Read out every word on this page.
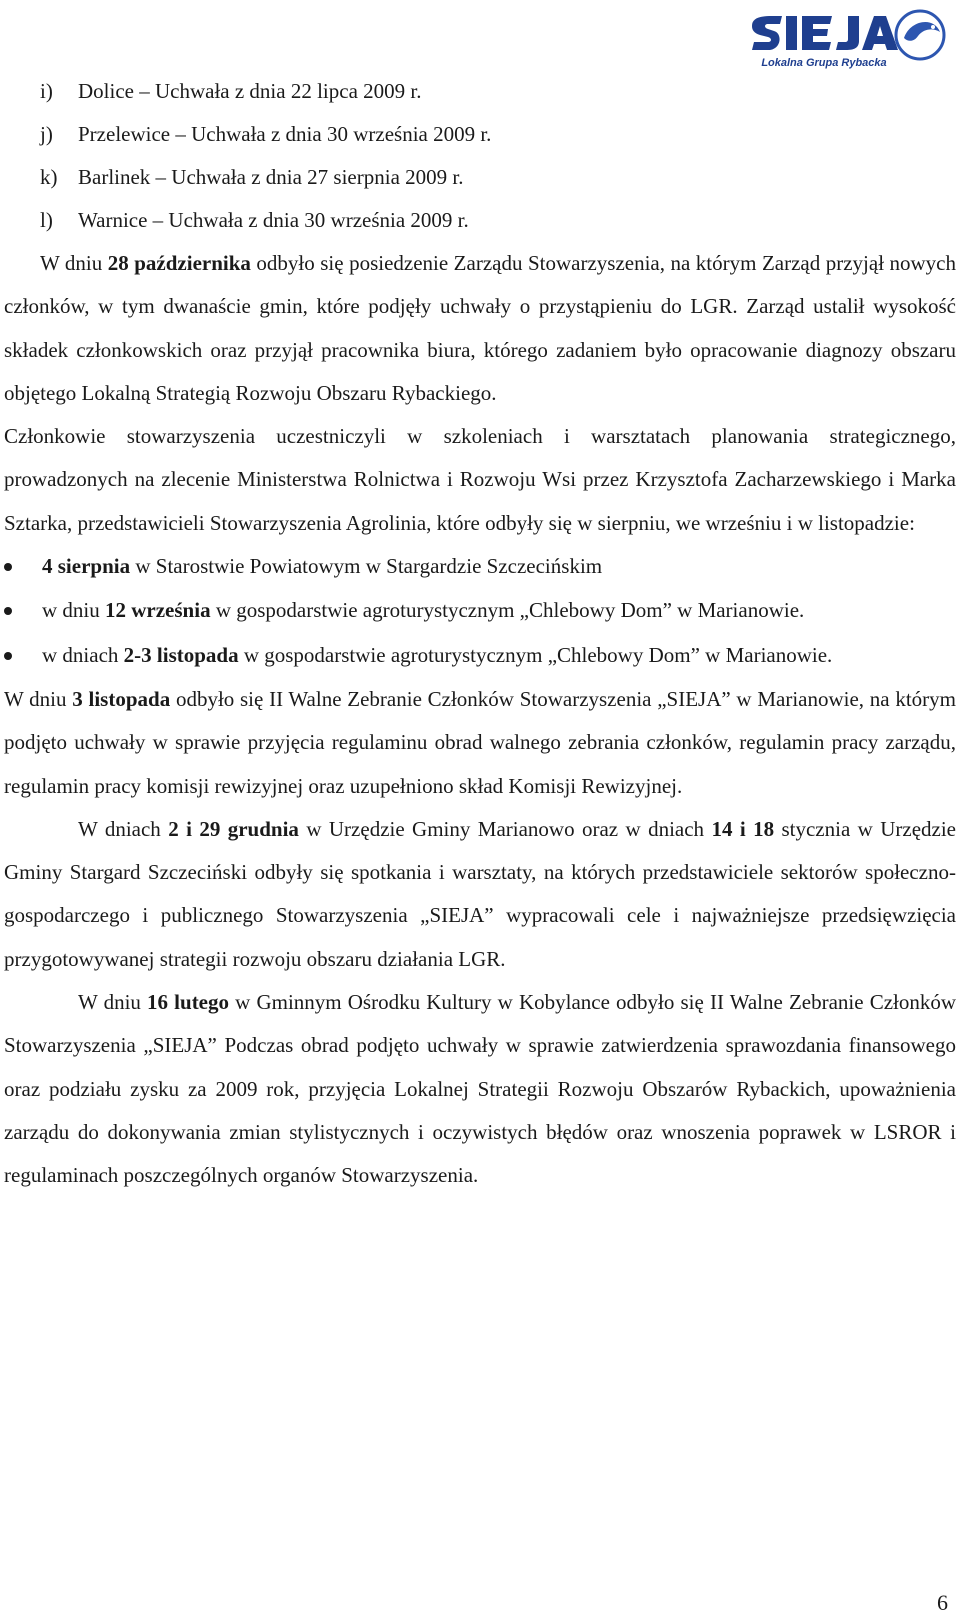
Lokalna Grupa Rybacka
i) Dolice – Uchwała z dnia 22 lipca 2009 r.
j) Przelewice – Uchwała z dnia 30 września 2009 r.
k) Barlinek – Uchwała z dnia 27 sierpnia 2009 r.
l) Warnice – Uchwała z dnia 30 września 2009 r.

W dniu 28 października odbyło się posiedzenie Zarządu Stowarzyszenia, na którym Zarząd przyjął nowych członków, w tym dwanaście gmin, które podjęły uchwały o przystąpieniu do LGR. Zarząd ustalił wysokość składek członkowskich oraz przyjął pracownika biura, którego zadaniem było opracowanie diagnozy obszaru objętego Lokalną Strategią Rozwoju Obszaru Rybackiego.

Członkowie stowarzyszenia uczestniczyli w szkoleniach i warsztatach planowania strategicznego, prowadzonych na zlecenie Ministerstwa Rolnictwa i Rozwoju Wsi przez Krzysztofa Zacharzewskiego i Marka Sztarka, przedstawicieli Stowarzyszenia Agrolinia, które odbyły się w sierpniu, we wrześniu i w listopadzie:

4 sierpnia w Starostwie Powiatowym w Stargardzie Szczecińskim
w dniu 12 września w gospodarstwie agroturystycznym „Chlebowy Dom” w Marianowie.
w dniach 2-3 listopada w gospodarstwie agroturystycznym „Chlebowy Dom” w Marianowie.

W dniu 3 listopada odbyło się II Walne Zebranie Członków Stowarzyszenia „SIEJA” w Marianowie, na którym podjęto uchwały w sprawie przyjęcia regulaminu obrad walnego zebrania członków, regulamin pracy zarządu, regulamin pracy komisji rewizyjnej oraz uzupełniono skład Komisji Rewizyjnej.

W dniach 2 i 29 grudnia w Urzędzie Gminy Marianowo oraz w dniach 14 i 18 stycznia w Urzędzie Gminy Stargard Szczeciński odbyły się spotkania i warsztaty, na których przedstawiciele sektorów społeczno-gospodarczego i publicznego Stowarzyszenia „SIEJA” wypracowali cele i najważniejsze przedsięwzięcia przygotowywanej strategii rozwoju obszaru działania LGR.

W dniu 16 lutego w Gminnym Ośrodku Kultury w Kobylance odbyło się II Walne Zebranie Członków Stowarzyszenia „SIEJA” Podczas obrad podjęto uchwały w sprawie zatwierdzenia sprawozdania finansowego oraz podziału zysku za 2009 rok, przyjęcia Lokalnej Strategii Rozwoju Obszarów Rybackich, upoważnienia zarządu do dokonywania zmian stylistycznych i oczywistych błędów oraz wnoszenia poprawek w LSROR i regulaminach poszczególnych organów Stowarzyszenia.

6
